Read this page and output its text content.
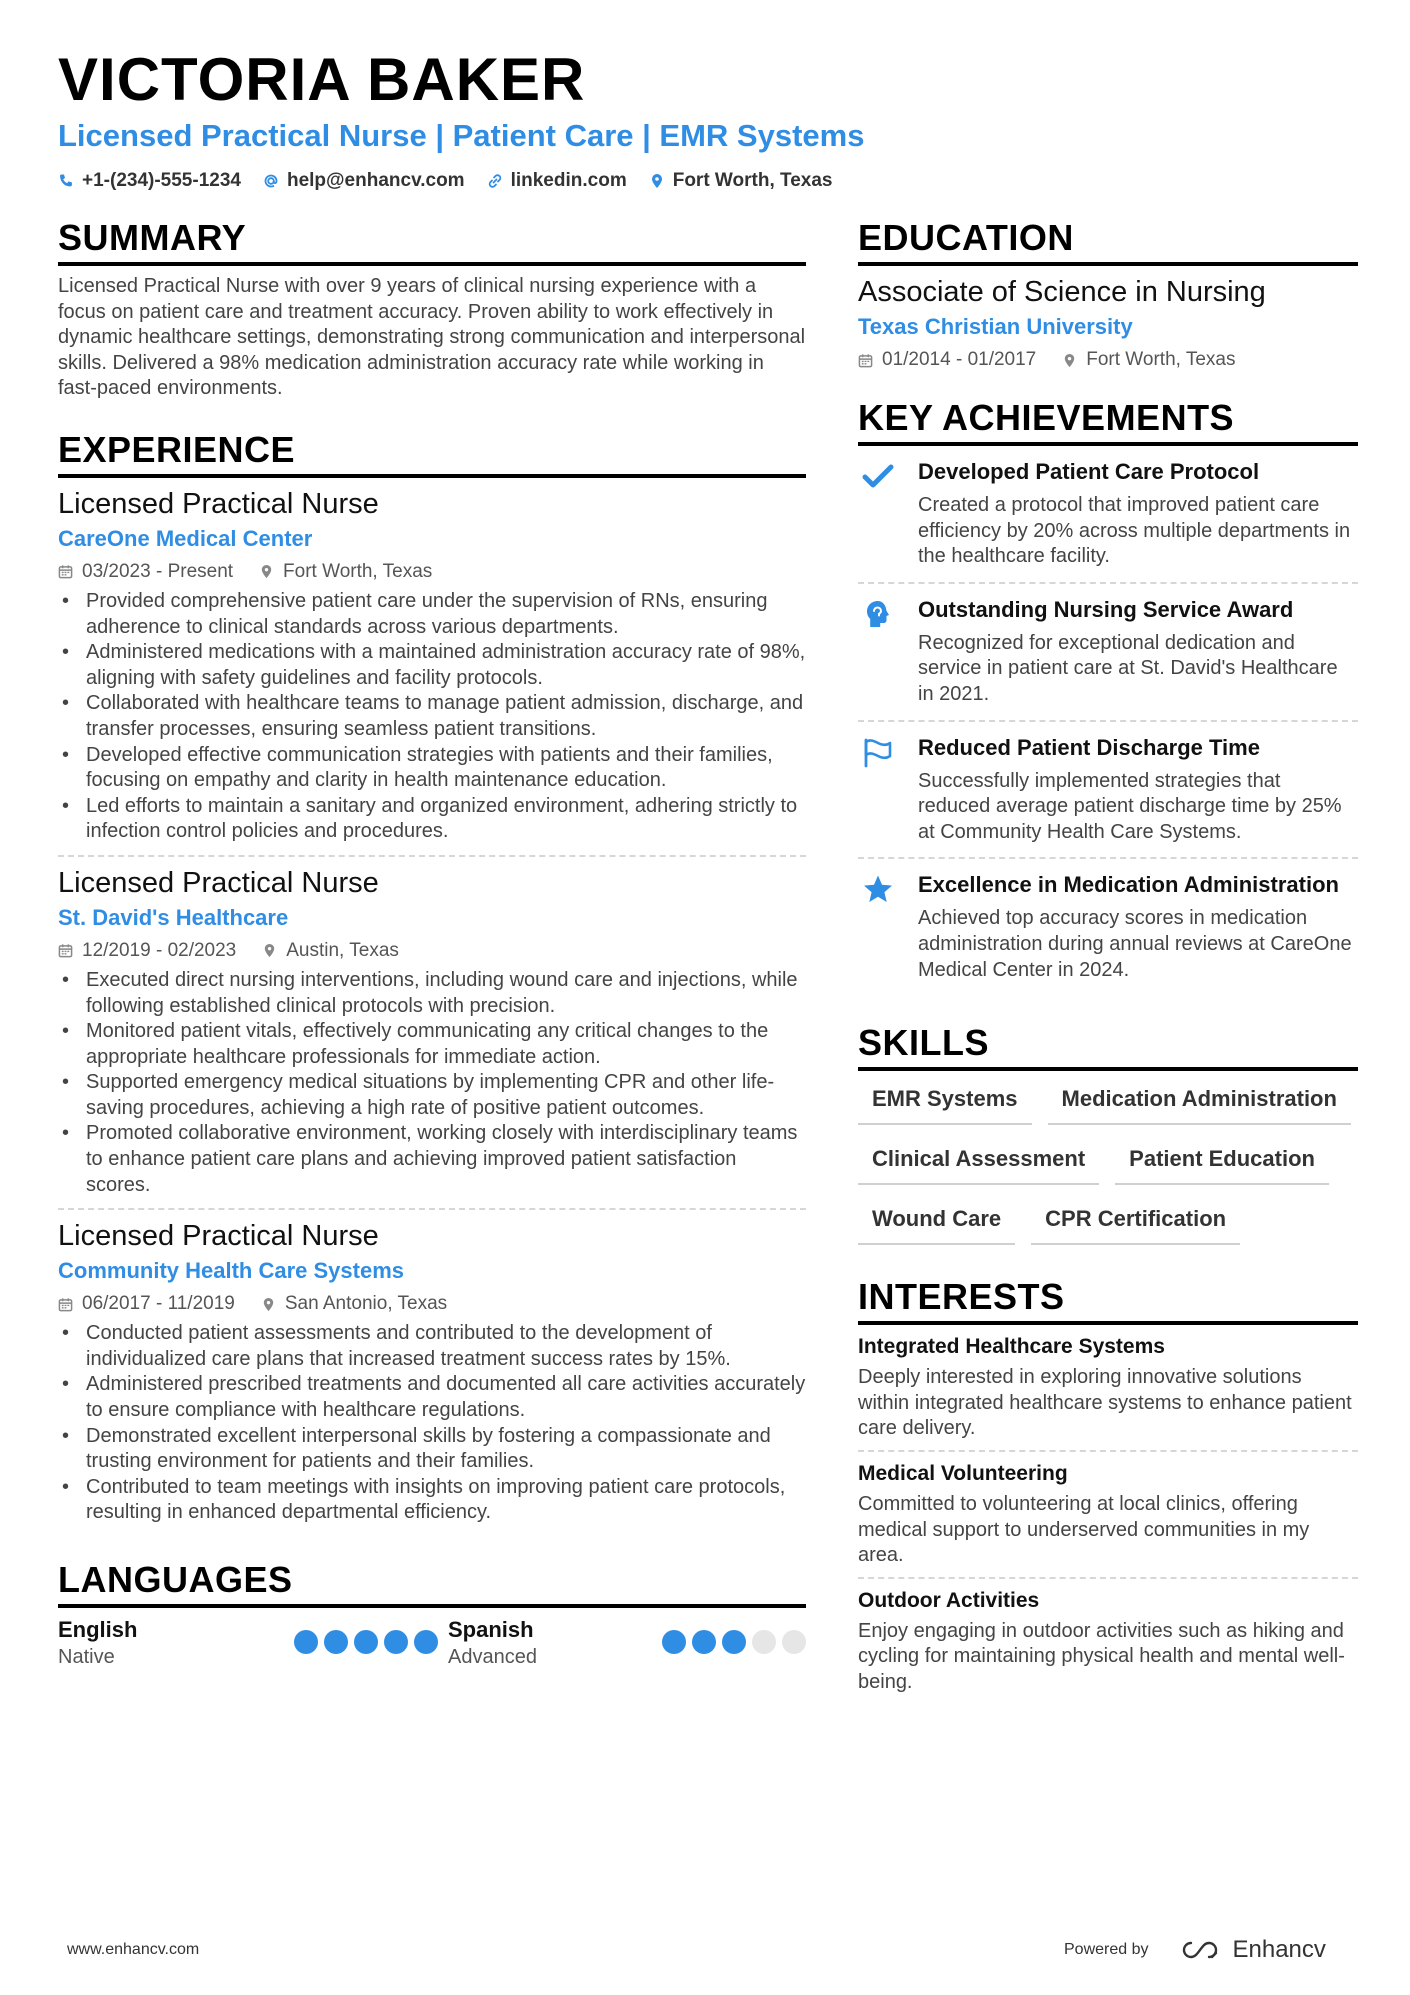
VICTORIA BAKER
Licensed Practical Nurse | Patient Care | EMR Systems
+1-(234)-555-1234 help@enhancv.com linkedin.com Fort Worth, Texas
SUMMARY

Licensed Practical Nurse with over 9 years of clinical nursing experience with a focus on patient care and treatment accuracy. Proven ability to work effectively in dynamic healthcare settings, demonstrating strong communication and interpersonal skills. Delivered a 98% medication administration accuracy rate while working in fast-paced environments.

EXPERIENCE
Licensed Practical Nurse
CareOne Medical Center
03/2023 - Present	Fort Worth, Texas
• Provided comprehensive patient care under the supervision of RNs, ensuring adherence to clinical standards across various departments.
• Administered medications with a maintained administration accuracy rate of 98%, aligning with safety guidelines and facility protocols.
• Collaborated with healthcare teams to manage patient admission, discharge, and transfer processes, ensuring seamless patient transitions.
• Developed effective communication strategies with patients and their families, focusing on empathy and clarity in health maintenance education.
• Led efforts to maintain a sanitary and organized environment, adhering strictly to infection control policies and procedures.
Licensed Practical Nurse
St. David's Healthcare
12/2019 - 02/2023	Austin, Texas
• Executed direct nursing interventions, including wound care and injections, while following established clinical protocols with precision.
• Monitored patient vitals, effectively communicating any critical changes to the appropriate healthcare professionals for immediate action.
• Supported emergency medical situations by implementing CPR and other life-saving procedures, achieving a high rate of positive patient outcomes.
• Promoted collaborative environment, working closely with interdisciplinary teams to enhance patient care plans and achieving improved patient satisfaction scores.
Licensed Practical Nurse
Community Health Care Systems
06/2017 - 11/2019	San Antonio, Texas
• Conducted patient assessments and contributed to the development of individualized care plans that increased treatment success rates by 15%.
• Administered prescribed treatments and documented all care activities accurately to ensure compliance with healthcare regulations.
• Demonstrated excellent interpersonal skills by fostering a compassionate and trusting environment for patients and their families.
• Contributed to team meetings with insights on improving patient care protocols, resulting in enhanced departmental efficiency.
LANGUAGES
English
Native
Spanish
Advanced
EDUCATION
Associate of Science in Nursing
Texas Christian University
01/2014 - 01/2017	Fort Worth, Texas
KEY ACHIEVEMENTS
Developed Patient Care Protocol
Created a protocol that improved patient care efficiency by 20% across multiple departments in the healthcare facility.
Outstanding Nursing Service Award
Recognized for exceptional dedication and service in patient care at St. David's Healthcare in 2021.
Reduced Patient Discharge Time
Successfully implemented strategies that reduced average patient discharge time by 25% at Community Health Care Systems.
Excellence in Medication Administration
Achieved top accuracy scores in medication administration during annual reviews at CareOne Medical Center in 2024.
SKILLS
EMR Systems	Medication Administration
Clinical Assessment	Patient Education
Wound Care	CPR Certification
INTERESTS
Integrated Healthcare Systems
Deeply interested in exploring innovative solutions within integrated healthcare systems to enhance patient care delivery.
Medical Volunteering
Committed to volunteering at local clinics, offering medical support to underserved communities in my area.
Outdoor Activities
Enjoy engaging in outdoor activities such as hiking and cycling for maintaining physical health and mental well-being.
www.enhancv.com	Powered by	Enhancv
